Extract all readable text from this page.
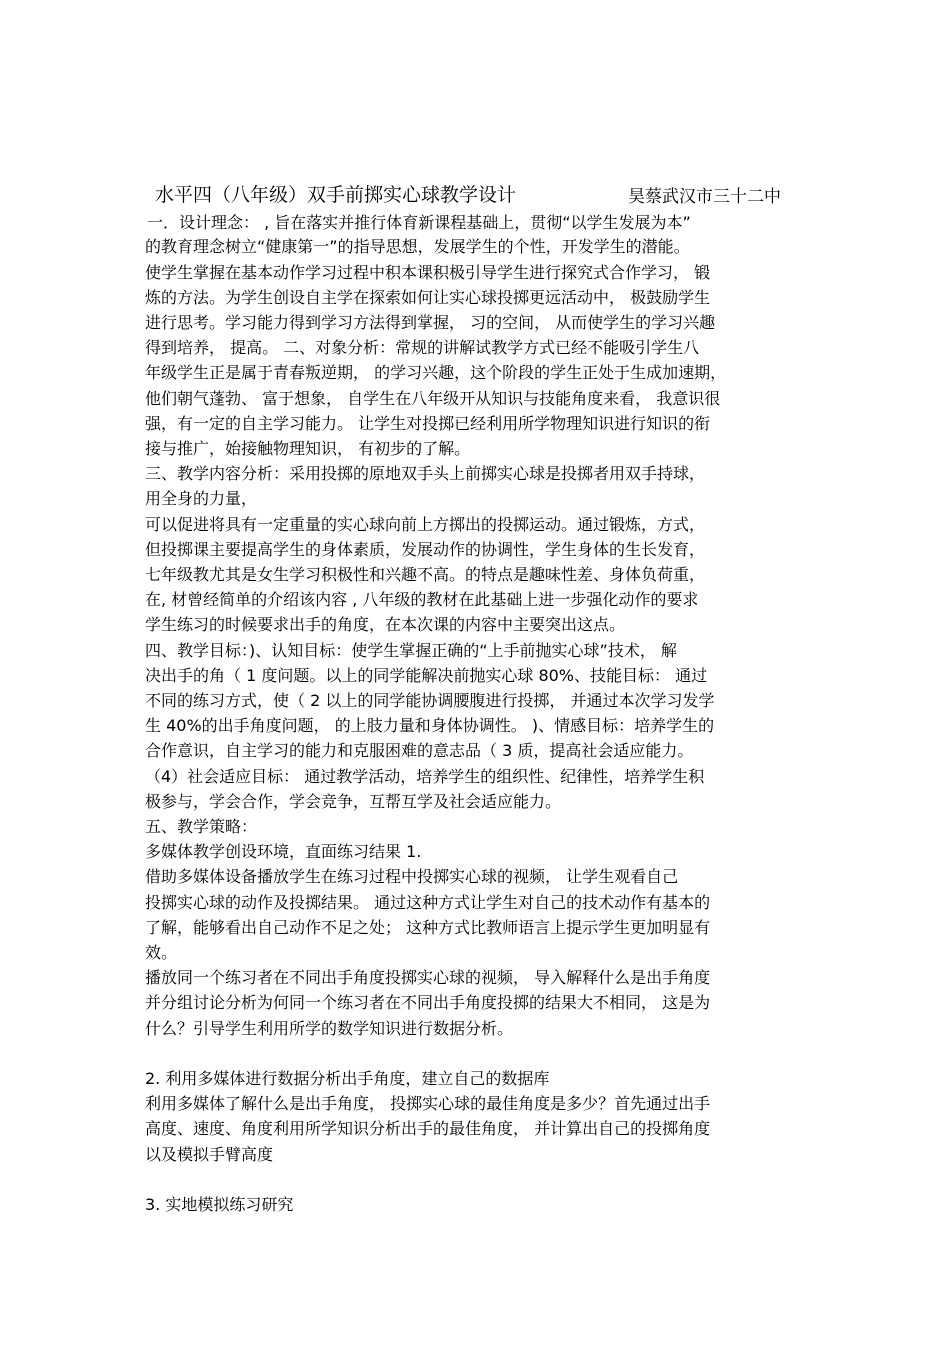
水平四（八年级）双手前掷实心球教学设计	昊蔡武汉市三十二中
一．设计理念： , 旨在落实并推行体育新课程基础上，贯彻“以学生发展为本”
的教育理念树立“健康第一”的指导思想，发展学生的个性，开发学生的潜能。
使学生掌握在基本动作学习过程中积本课积极引导学生进行探究式合作学习， 锻
炼的方法。为学生创设自主学在探索如何让实心球投掷更远活动中， 极鼓励学生
进行思考。学习能力得到学习方法得到掌握， 习的空间， 从而使学生的学习兴趣
得到培养， 提高。 二、对象分析：常规的讲解试教学方式已经不能吸引学生八
年级学生正是属于青春叛逆期， 的学习兴趣，这个阶段的学生正处于生成加速期，
他们朝气蓬勃、 富于想象， 自学生在八年级开从知识与技能角度来看， 我意识很
强，有一定的自主学习能力。 让学生对投掷已经利用所学物理知识进行知识的衔
接与推广，始接触物理知识， 有初步的了解。
三、教学内容分析：采用投掷的原地双手头上前掷实心球是投掷者用双手持球，
用全身的力量，
可以促进将具有一定重量的实心球向前上方掷出的投掷运动。通过锻炼，方式，
但投掷课主要提高学生的身体素质，发展动作的协调性，学生身体的生长发育，
七年级教尤其是女生学习积极性和兴趣不高。的特点是趣味性差、身体负荷重，
在, 材曾经简单的介绍该内容 , 八年级的教材在此基础上进一步强化动作的要求
学生练习的时候要求出手的角度，在本次课的内容中主要突出这点。
四、教学目标：)、认知目标：使学生掌握正确的“上手前抛实心球”技术， 解
决出手的角（ 1 度问题。以上的同学能解决前抛实心球 80%、技能目标： 通过
不同的练习方式，使（ 2 以上的同学能协调腰腹进行投掷， 并通过本次学习发学
生 40%的出手角度问题， 的上肢力量和身体协调性。 )、情感目标：培养学生的
合作意识，自主学习的能力和克服困难的意志品（ 3 质，提高社会适应能力。
（4）社会适应目标： 通过教学活动，培养学生的组织性、纪律性，培养学生积
极参与，学会合作，学会竞争，互帮互学及社会适应能力。
五、教学策略：
多媒体教学创设环境，直面练习结果 1.
借助多媒体设备播放学生在练习过程中投掷实心球的视频， 让学生观看自己
投掷实心球的动作及投掷结果。 通过这种方式让学生对自己的技术动作有基本的
了解，能够看出自己动作不足之处； 这种方式比教师语言上提示学生更加明显有
效。
播放同一个练习者在不同出手角度投掷实心球的视频， 导入解释什么是出手角度
并分组讨论分析为何同一个练习者在不同出手角度投掷的结果大不相同， 这是为
什么？引导学生利用所学的数学知识进行数据分析。
2. 利用多媒体进行数据分析出手角度，建立自己的数据库
利用多媒体了解什么是出手角度， 投掷实心球的最佳角度是多少？首先通过出手
高度、速度、角度利用所学知识分析出手的最佳角度， 并计算出自己的投掷角度
以及模拟手臂高度
3. 实地模拟练习研究
